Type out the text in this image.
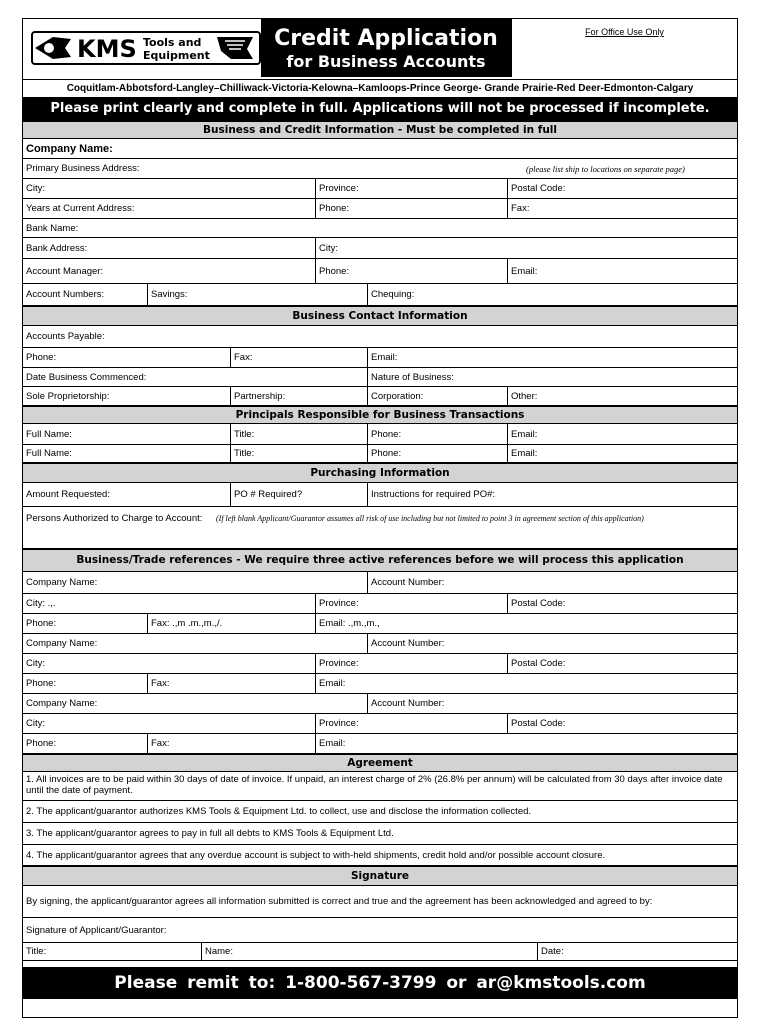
KMS Tools and
Equipment
Credit Application
for Business Accounts
For Office Use Only
Coquitlam-Abbotsford-Langley–Chilliwack-Victoria-Kelowna–Kamloops-Prince George- Grande Prairie-Red Deer-Edmonton-Calgary
Please print clearly and complete in full. Applications will not be processed if incomplete.
Business and Credit Information - Must be completed in full
Company Name:
Primary Business Address:	(please list ship to locations on separate page)
City:	Province:	Postal Code:
Years at Current Address:	Phone:	Fax:
Bank Name:
Bank Address:	City:
Account Manager:	Phone:	Email:
Account Numbers:	Savings:	Chequing:
Business Contact Information
Accounts Payable:
Phone:	Fax:	Email:
Date Business Commenced:	Nature of Business:
Sole Proprietorship:	Partnership:	Corporation:	Other:
Principals Responsible for Business Transactions
Full Name:	Title:	Phone:	Email:
Full Name:	Title:	Phone:	Email:
Purchasing Information
Amount Requested:	PO # Required?	Instructions for required PO#:
Persons Authorized to Charge to Account:	(If left blank Applicant/Guarantor assumes all risk of use including but not limited to point 3 in agreement section of this application)
Business/Trade references - We require three active references before we will process this application
Company Name:	Account Number:
City: .,.	Province:	Postal Code:
Phone:	Fax: .,m .m.,m.,/.	Email: .,m.,m.,
Company Name:	Account Number:
City:	Province:	Postal Code:
Phone:	Fax:	Email:
Company Name:	Account Number:
City:	Province:	Postal Code:
Phone:	Fax:	Email:
Agreement
1. All invoices are to be paid within 30 days of date of invoice. If unpaid, an interest charge of 2% (26.8% per annum) will be calculated from 30 days after invoice date until the date of payment.
2. The applicant/guarantor authorizes KMS Tools & Equipment Ltd. to collect, use and disclose the information collected.
3. The applicant/guarantor agrees to pay in full all debts to KMS Tools & Equipment Ltd.
4. The applicant/guarantor agrees that any overdue account is subject to with-held shipments, credit hold and/or possible account closure.
Signature
By signing, the applicant/guarantor agrees all information submitted is correct and true and the agreement has been acknowledged and agreed to by:
Signature of Applicant/Guarantor:
Title:	Name:	Date:
Please remit to: 1-800-567-3799 or ar@kmstools.com
